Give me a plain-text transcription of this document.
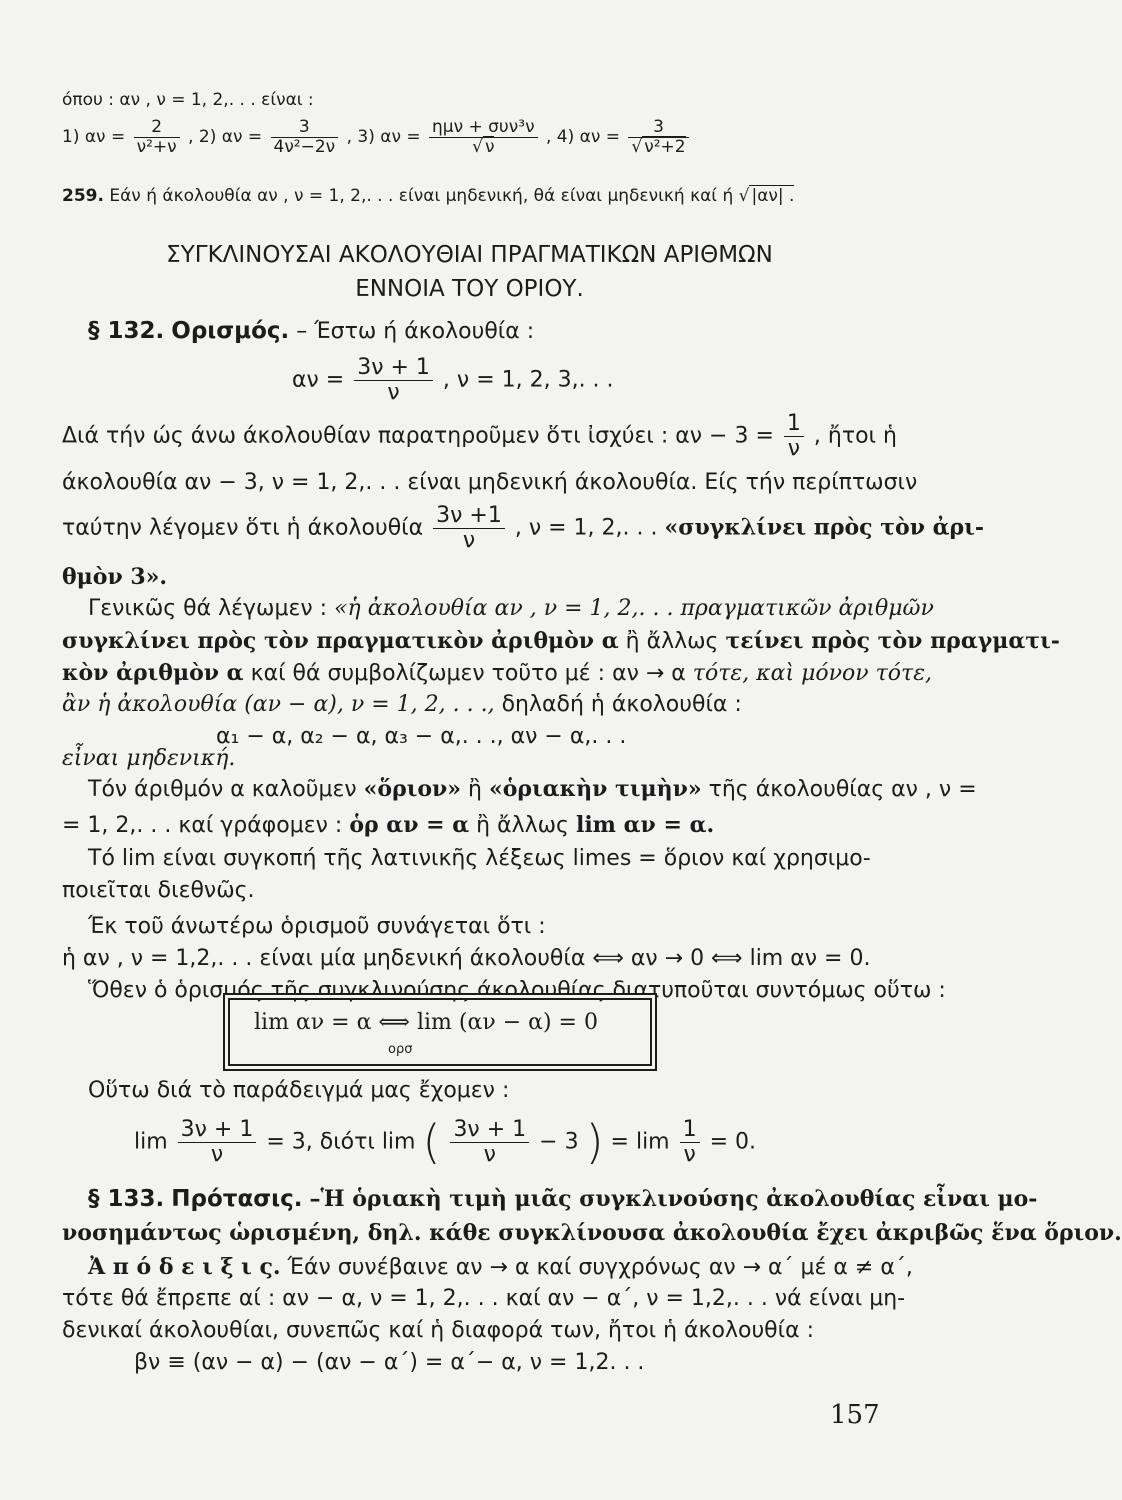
όπου : αν , ν = 1, 2,. . . είναι :
1) $\alpha\nu = \frac{2}{\text{ν²+ν}}$ , 2) $\alpha\nu = \frac{3}{\text{4ν²−2ν}}$ , 3) $\alpha\nu = \frac{\text{ημν + συν³ν}}{√ \nu}$ , 4) $\alpha\nu = \frac{3}{\text{√ ν²+2}}$
259. Εάν ή άκολουθία αν , ν = 1, 2,. . . είναι μηδενική, θά είναι μηδενική καί ή √ |αν| .
ΣΥΓΚΛΙΝΟΥΣΑΙ ΑΚΟΛΟΥΘΙΑΙ ΠΡΑΓΜΑΤΙΚΩΝ ΑΡΙΘΜΩΝ
ΕΝΝΟΙΑ ΤΟΥ ΟΡΙΟΥ.
§ 132. Ορισμός. – Έστω ή άκολουθία :
$\alpha\nu = \frac{3\nu + 1}{\nu}$ , ν = 1, 2, 3,. . .
Διά τήν ώς άνω άκολουθίαν παρατηροῦμεν ὅτι ἰσχύει : $\alpha\nu - 3 = \frac{1}{\nu}$ , ἤτοι ἡ
άκολουθία αν − 3, ν = 1, 2,. . . είναι μηδενική άκολουθία. Είς τήν περίπτωσιν
ταύτην λέγομεν ὅτι ἡ άκολουθία $\frac{3\nu +1}{\nu}$ , ν = 1, 2,. . . «συγκλίνει πρὸς τὸν ἀρι-
θμὸν 3».
Γενικῶς θά λέγωμεν : «ἡ ἀκολουθία αν , ν = 1, 2,. . . πραγματικῶν ἀριθμῶν
συγκλίνει πρὸς τὸν πραγματικὸν ἀριθμὸν α ἢ ἄλλως τείνει πρὸς τὸν πραγματι-
κὸν ἀριθμὸν α καί θά συμβολίζωμεν τοῦτο μέ : αν → α τότε, καὶ μόνον τότε,
ἂν ἡ ἀκολουθία (αν − α), ν = 1, 2, . . ., δηλαδή ἡ άκολουθία :
α₁ − α, α₂ − α, α₃ − α,. . ., αν − α,. . .
εἶναι μηδενική.
Τόν άριθμόν α καλοῦμεν «ὅριον» ἢ «ὁριακὴν τιμὴν» τῆς άκολουθίας αν , ν =
= 1, 2,. . . καί γράφομεν : ὁρ αν = α ἢ ἄλλως lim αν = α.
Τό lim είναι συγκοπή τῆς λατινικῆς λέξεως limes = ὅριον καί χρησιμο-
ποιεῖται διεθνῶς.
Έκ τοῦ άνωτέρω ὁρισμοῦ συνάγεται ὅτι :
ἡ αν , ν = 1,2,. . . είναι μία μηδενική άκολουθία ⟺ αν → 0 ⟺ lim αν = 0.
Ὅθεν ὁ ὁρισμός τῆς συγκλινούσης άκολουθίας διατυποῦται συντόμως οὕτω :
lim αν = α ⟺ lim (αν − α) = 0
ορσ
Οὕτω διά τὸ παράδειγμά μας ἔχομεν :
$\lim \frac{3\nu + 1}{\nu} = 3$, διότι lim ( $\frac{3\nu + 1}{\nu} - 3$ ) = $\lim \frac{1}{\nu} = 0$.
§ 133. Πρότασις. –Ἡ ὁριακὴ τιμὴ μιᾶς συγκλινούσης ἀκολουθίας εἶναι μο-
νοσημάντως ὡρισμένη, δηλ. κάθε συγκλίνουσα ἀκολουθία ἔχει ἀκριβῶς ἕνα ὅριον.
Ἀ π ό δ ε ι ξ ι ς. Έάν συνέβαινε αν → α καί συγχρόνως αν → α΄ μέ α ≠ α΄,
τότε θά ἔπρεπε αί : αν − α, ν = 1, 2,. . . καί αν − α΄, ν = 1,2,. . . νά είναι μη-
δενικαί άκολουθίαι, συνεπῶς καί ἡ διαφορά των, ἤτοι ἡ άκολουθία :
βν ≡ (αν − α) − (αν − α΄) = α΄− α, ν = 1,2. . .
157
